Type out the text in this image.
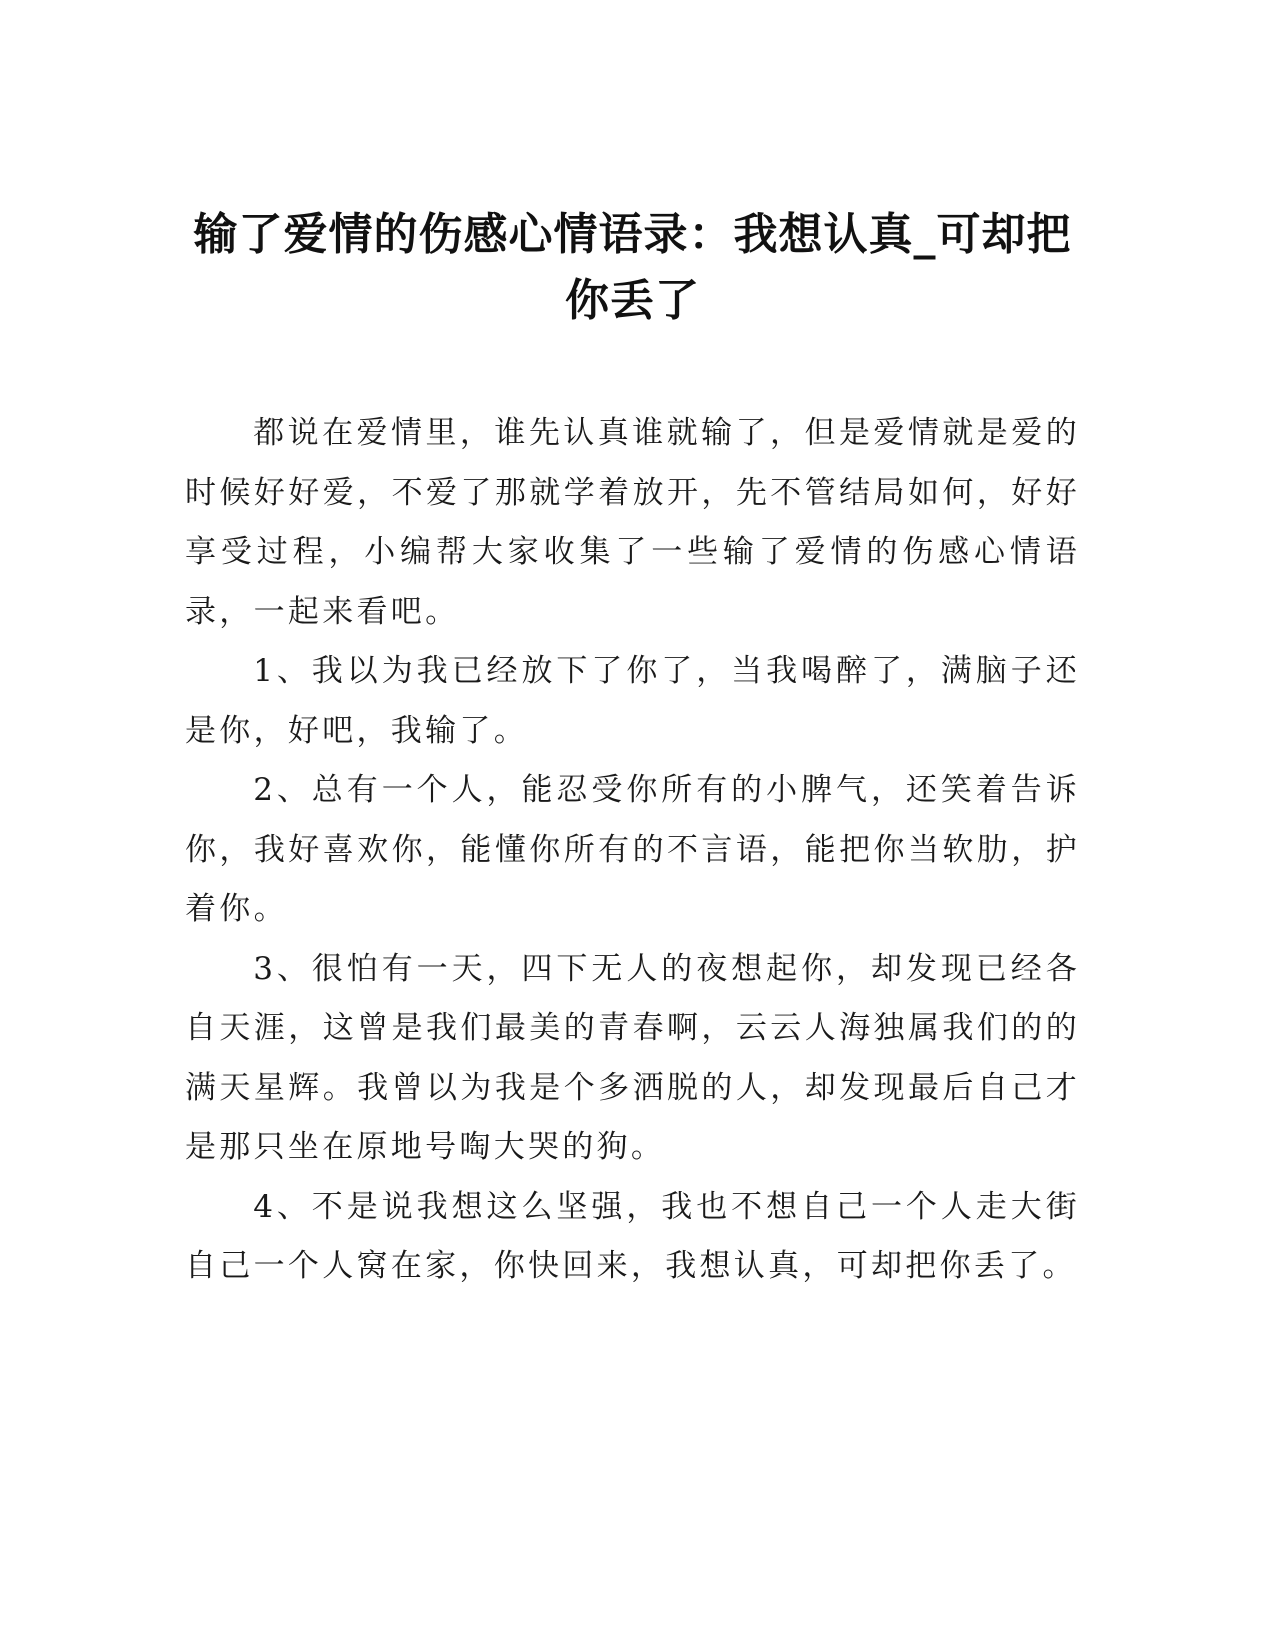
输了爱情的伤感心情语录：我想认真_可却把你丢了

都说在爱情里，谁先认真谁就输了，但是爱情就是爱的时候好好爱，不爱了那就学着放开，先不管结局如何，好好享受过程，小编帮大家收集了一些输了爱情的伤感心情语录，一起来看吧。

1、我以为我已经放下了你了，当我喝醉了，满脑子还是你，好吧，我输了。

2、总有一个人，能忍受你所有的小脾气，还笑着告诉你，我好喜欢你，能懂你所有的不言语，能把你当软肋，护着你。

3、很怕有一天，四下无人的夜想起你，却发现已经各自天涯，这曾是我们最美的青春啊，云云人海独属我们的的满天星辉。我曾以为我是个多洒脱的人，却发现最后自己才是那只坐在原地号啕大哭的狗。

4、不是说我想这么坚强，我也不想自己一个人走大街自己一个人窝在家，你快回来，我想认真，可却把你丢了。
